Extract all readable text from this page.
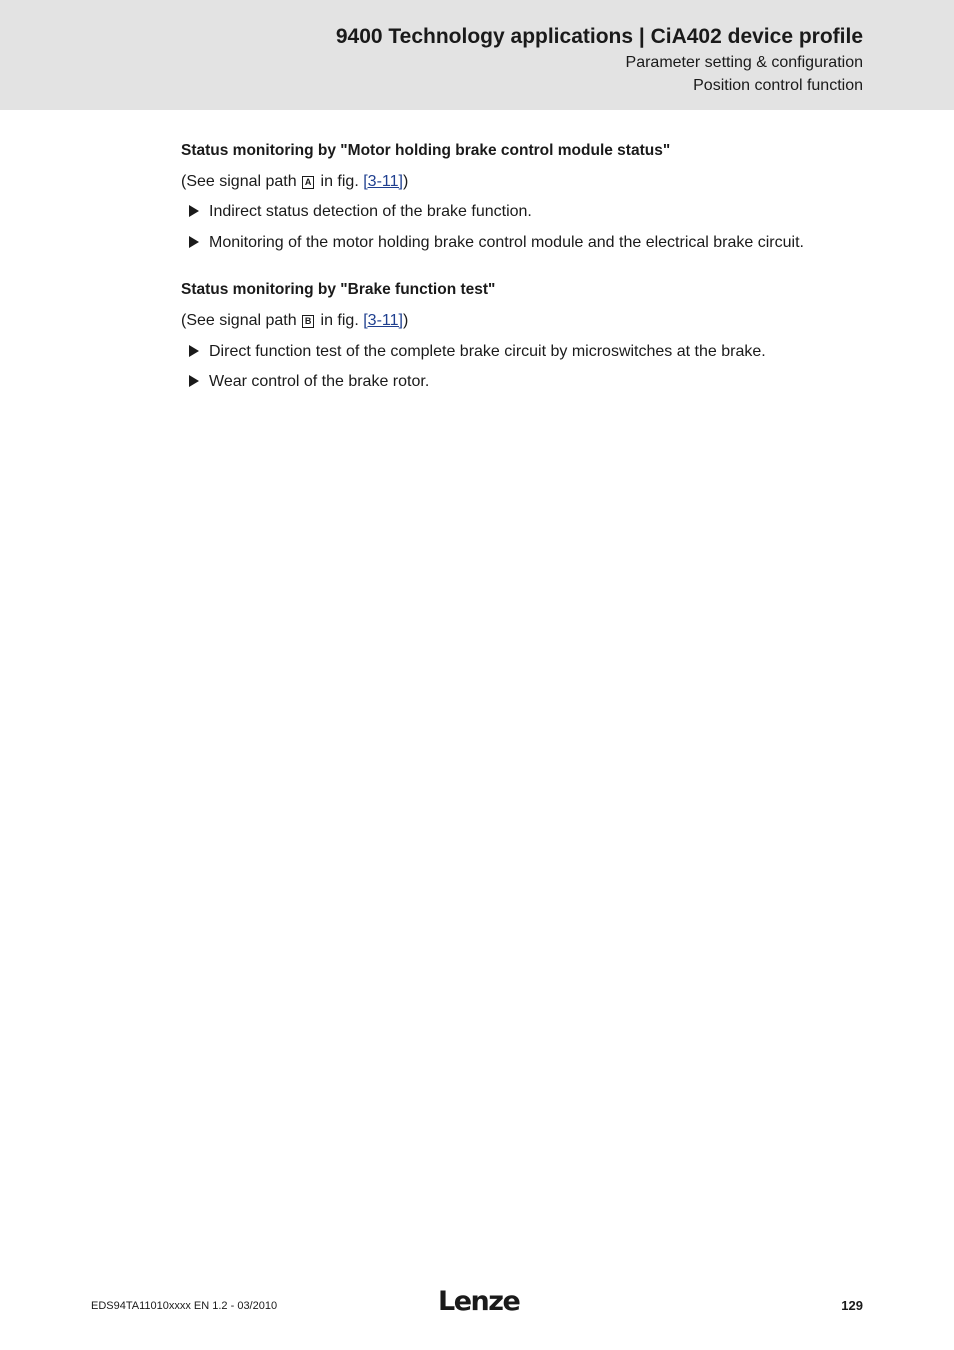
9400 Technology applications | CiA402 device profile
Parameter setting & configuration
Position control function
Status monitoring by "Motor holding brake control module status"
(See signal path A in fig. [3-11])
Indirect status detection of the brake function.
Monitoring of the motor holding brake control module and the electrical brake circuit.
Status monitoring by "Brake function test"
(See signal path B in fig. [3-11])
Direct function test of the complete brake circuit by microswitches at the brake.
Wear control of the brake rotor.
EDS94TA11010xxxx EN 1.2 - 03/2010	Lenze	129
